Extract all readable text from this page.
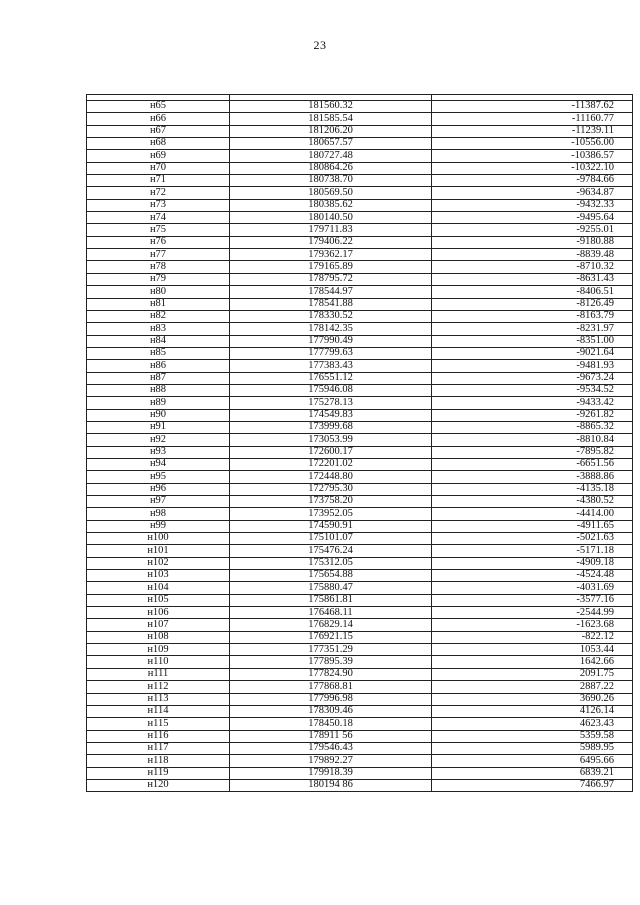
23

н65	181560.32	-11387.62
н66	181585.54	-11160.77
н67	181206.20	-11239.11
н68	180657.57	-10556.00
н69	180727.48	-10386.57
н70	180864.26	-10322.10
н71	180738.70	-9784.66
н72	180569.50	-9634.87
н73	180385.62	-9432.33
н74	180140.50	-9495.64
н75	179711.83	-9255.01
н76	179406.22	-9180.88
н77	179362.17	-8839.48
н78	179165.89	-8710.32
н79	178795.72	-8631.43
н80	178544.97	-8406.51
н81	178541.88	-8126.49
н82	178330.52	-8163.79
н83	178142.35	-8231.97
н84	177990.49	-8351.00
н85	177799.63	-9021.64
н86	177383.43	-9481.93
н87	176551.12	-9673.24
н88	175946.08	-9534.52
н89	175278.13	-9433.42
н90	174549.83	-9261.82
н91	173999.68	-8865.32
н92	173053.99	-8810.84
н93	172600.17	-7895.82
н94	172201.02	-6651.56
н95	172448.80	-3888.86
н96	172795.30	-4135.18
н97	173758.20	-4380.52
н98	173952.05	-4414.00
н99	174590.91	-4911.65
н100	175101.07	-5021.63
н101	175476.24	-5171.18
н102	175312.05	-4909.18
н103	175654.88	-4524.48
н104	175880.47	-4031.69
н105	175861.81	-3577.16
н106	176468.11	-2544.99
н107	176829.14	-1623.68
н108	176921.15	-822.12
н109	177351.29	1053.44
н110	177895.39	1642.66
н111	177824.90	2091.75
н112	177868.81	2887.22
н113	177996.98	3690.26
н114	178309.46	4126.14
н115	178450.18	4623.43
н116	178911 56	5359.58
н117	179546.43	5989.95
н118	179892.27	6495.66
н119	179918.39	6839.21
н120	180194 86	7466.97
